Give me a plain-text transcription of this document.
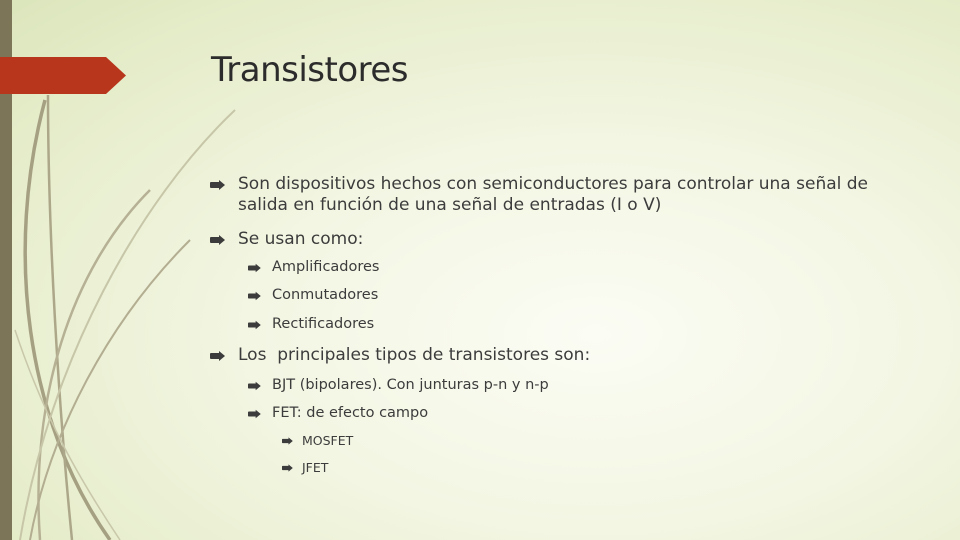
Transistores
Son dispositivos hechos con semiconductores para controlar una señal de salida en función de una señal de entradas (I o V)
Se usan como:
Amplificadores
Conmutadores
Rectificadores
Los  principales tipos de transistores son:
BJT (bipolares). Con junturas p-n y n-p
FET: de efecto campo
MOSFET
JFET
